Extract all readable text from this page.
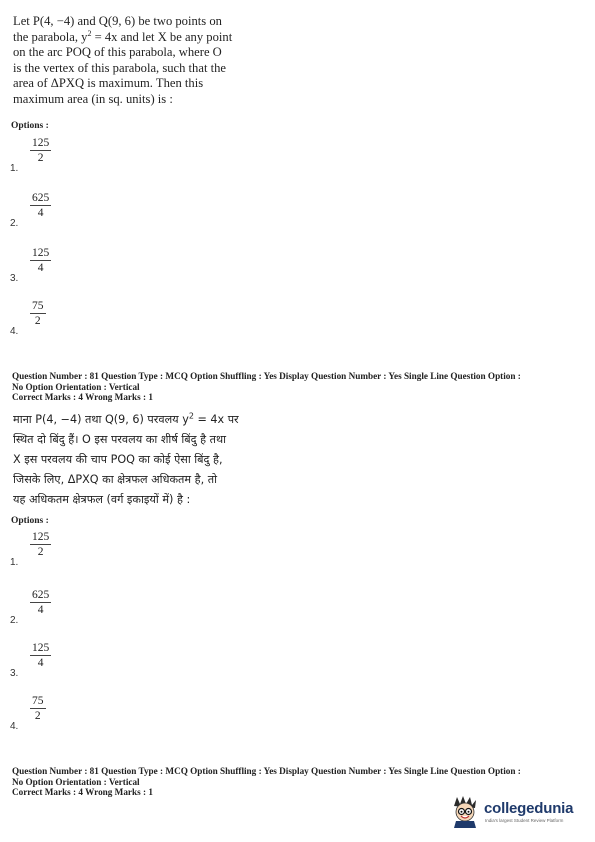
Let P(4, −4) and Q(9, 6) be two points on
the parabola, $y^2 = 4x$ and let X be any point
on the arc POQ of this parabola, where O
is the vertex of this parabola, such that the
area of ΔPXQ is maximum. Then this
maximum area (in sq. units) is :
Options :
$\frac{125}{2}$
1.
$\frac{625}{4}$
2.
$\frac{125}{4}$
3.
$\frac{75}{2}$
4.
Question Number : 81 Question Type : MCQ Option Shuffling : Yes Display Question Number : Yes Single Line Question Option :
No Option Orientation : Vertical
Correct Marks : 4 Wrong Marks : 1
माना P(4, −4) तथा Q(9, 6) परवलय $y^2 = 4x$ पर
स्थित दो बिंदु हैं। O इस परवलय का शीर्ष बिंदु है तथा
X इस परवलय की चाप POQ का कोई ऐसा बिंदु है,
जिसके लिए, ΔPXQ का क्षेत्रफल अधिकतम है, तो
यह अधिकतम क्षेत्रफल (वर्ग इकाइयों में) है :
Options :
$\frac{125}{2}$
1.
$\frac{625}{4}$
2.
$\frac{125}{4}$
3.
$\frac{75}{2}$
4.
Question Number : 81 Question Type : MCQ Option Shuffling : Yes Display Question Number : Yes Single Line Question Option :
No Option Orientation : Vertical
Correct Marks : 4 Wrong Marks : 1
collegedunia
India's largest Student Review Platform
